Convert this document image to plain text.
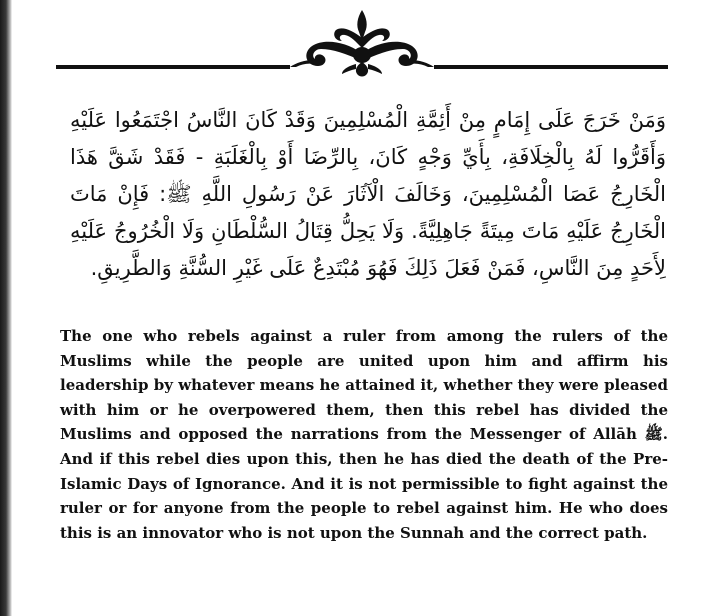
وَمَنْ خَرَجَ عَلَى إِمَامٍ مِنْ أَئِمَّةِ الْمُسْلِمِينَ وَقَدْ كَانَ النَّاسُ اجْتَمَعُوا عَلَيْهِ وَأَقَرُّوا لَهُ بِالْخِلَافَةِ، بِأَيِّ وَجْهٍ كَانَ، بِالرِّضَا أَوْ بِالْغَلَبَةِ - فَقَدْ شَقَّ هَذَا الْخَارِجُ عَصَا الْمُسْلِمِينَ، وَخَالَفَ الْآثَارَ عَنْ رَسُولِ اللَّهِ ﷺ: فَإِنْ مَاتَ الْخَارِجُ عَلَيْهِ مَاتَ مِيتَةً جَاهِلِيَّةً. وَلَا يَحِلُّ قِتَالُ السُّلْطَانِ وَلَا الْخُرُوجُ عَلَيْهِ لِأَحَدٍ مِنَ النَّاسِ، فَمَنْ فَعَلَ ذَلِكَ فَهُوَ مُبْتَدِعٌ عَلَى غَيْرِ السُّنَّةِ وَالطَّرِيقِ.
The one who rebels against a ruler from among the rulers of the Muslims while the people are united upon him and affirm his leadership by whatever means he attained it, whether they were pleased with him or he overpowered them, then this rebel has divided the Muslims and opposed the narrations from the Messenger of Allāh ﷺ. And if this rebel dies upon this, then he has died the death of the Pre-Islamic Days of Ignorance. And it is not permissible to fight against the ruler or for anyone from the people to rebel against him. He who does this is an innovator who is not upon the Sunnah and the correct path.
